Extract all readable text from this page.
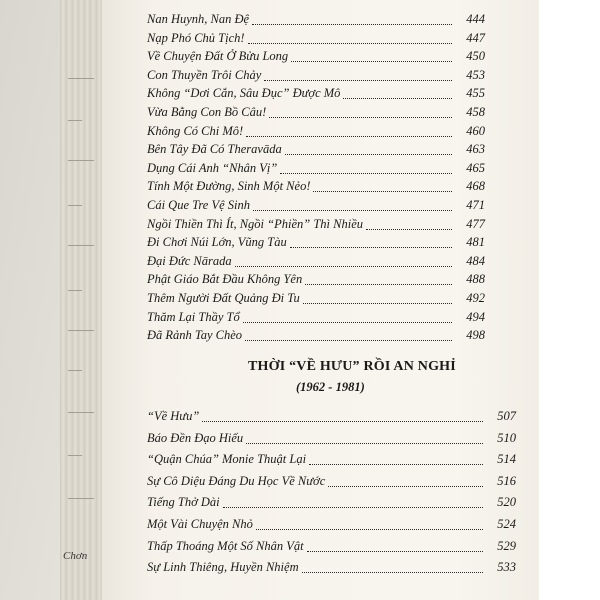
Chơn
Nan Huynh, Nan Đệ	444
Nạp Phó Chủ Tịch!	447
Về Chuyện Đất Ở Bửu Long	450
Con Thuyền Trôi Chảy	453
Không “Dơi Cắn, Sâu Đục” Được Mô	455
Vừa Bằng Con Bồ Câu!	458
Không Có Chi Mô!	460
Bên Tây Đã Có Theravāda	463
Dụng Cái Anh “Nhân Vị”	465
Tính Một Đường, Sinh Một Nẻo!	468
Cái Que Tre Vệ Sinh	471
Ngồi Thiền Thì Ít, Ngồi “Phiền” Thì Nhiều	477
Đi Chơi Núi Lớn, Vũng Tàu	481
Đại Đức Nārada	484
Phật Giáo Bắt Đầu Không Yên	488
Thêm Người Đất Quảng Đi Tu	492
Thăm Lại Thầy Tổ	494
Đã Rảnh Tay Chèo	498
THỜI “VỀ HƯU” RỒI AN NGHỈ
(1962 - 1981)
“Về Hưu”	507
Báo Đền Đạo Hiếu	510
“Quận Chúa” Monie Thuật Lại	514
Sự Cô Diệu Đáng Du Học Về Nước	516
Tiếng Thở Dài	520
Một Vài Chuyện Nhỏ	524
Thấp Thoáng Một Số Nhân Vật	529
Sự Linh Thiêng, Huyền Nhiệm	533
